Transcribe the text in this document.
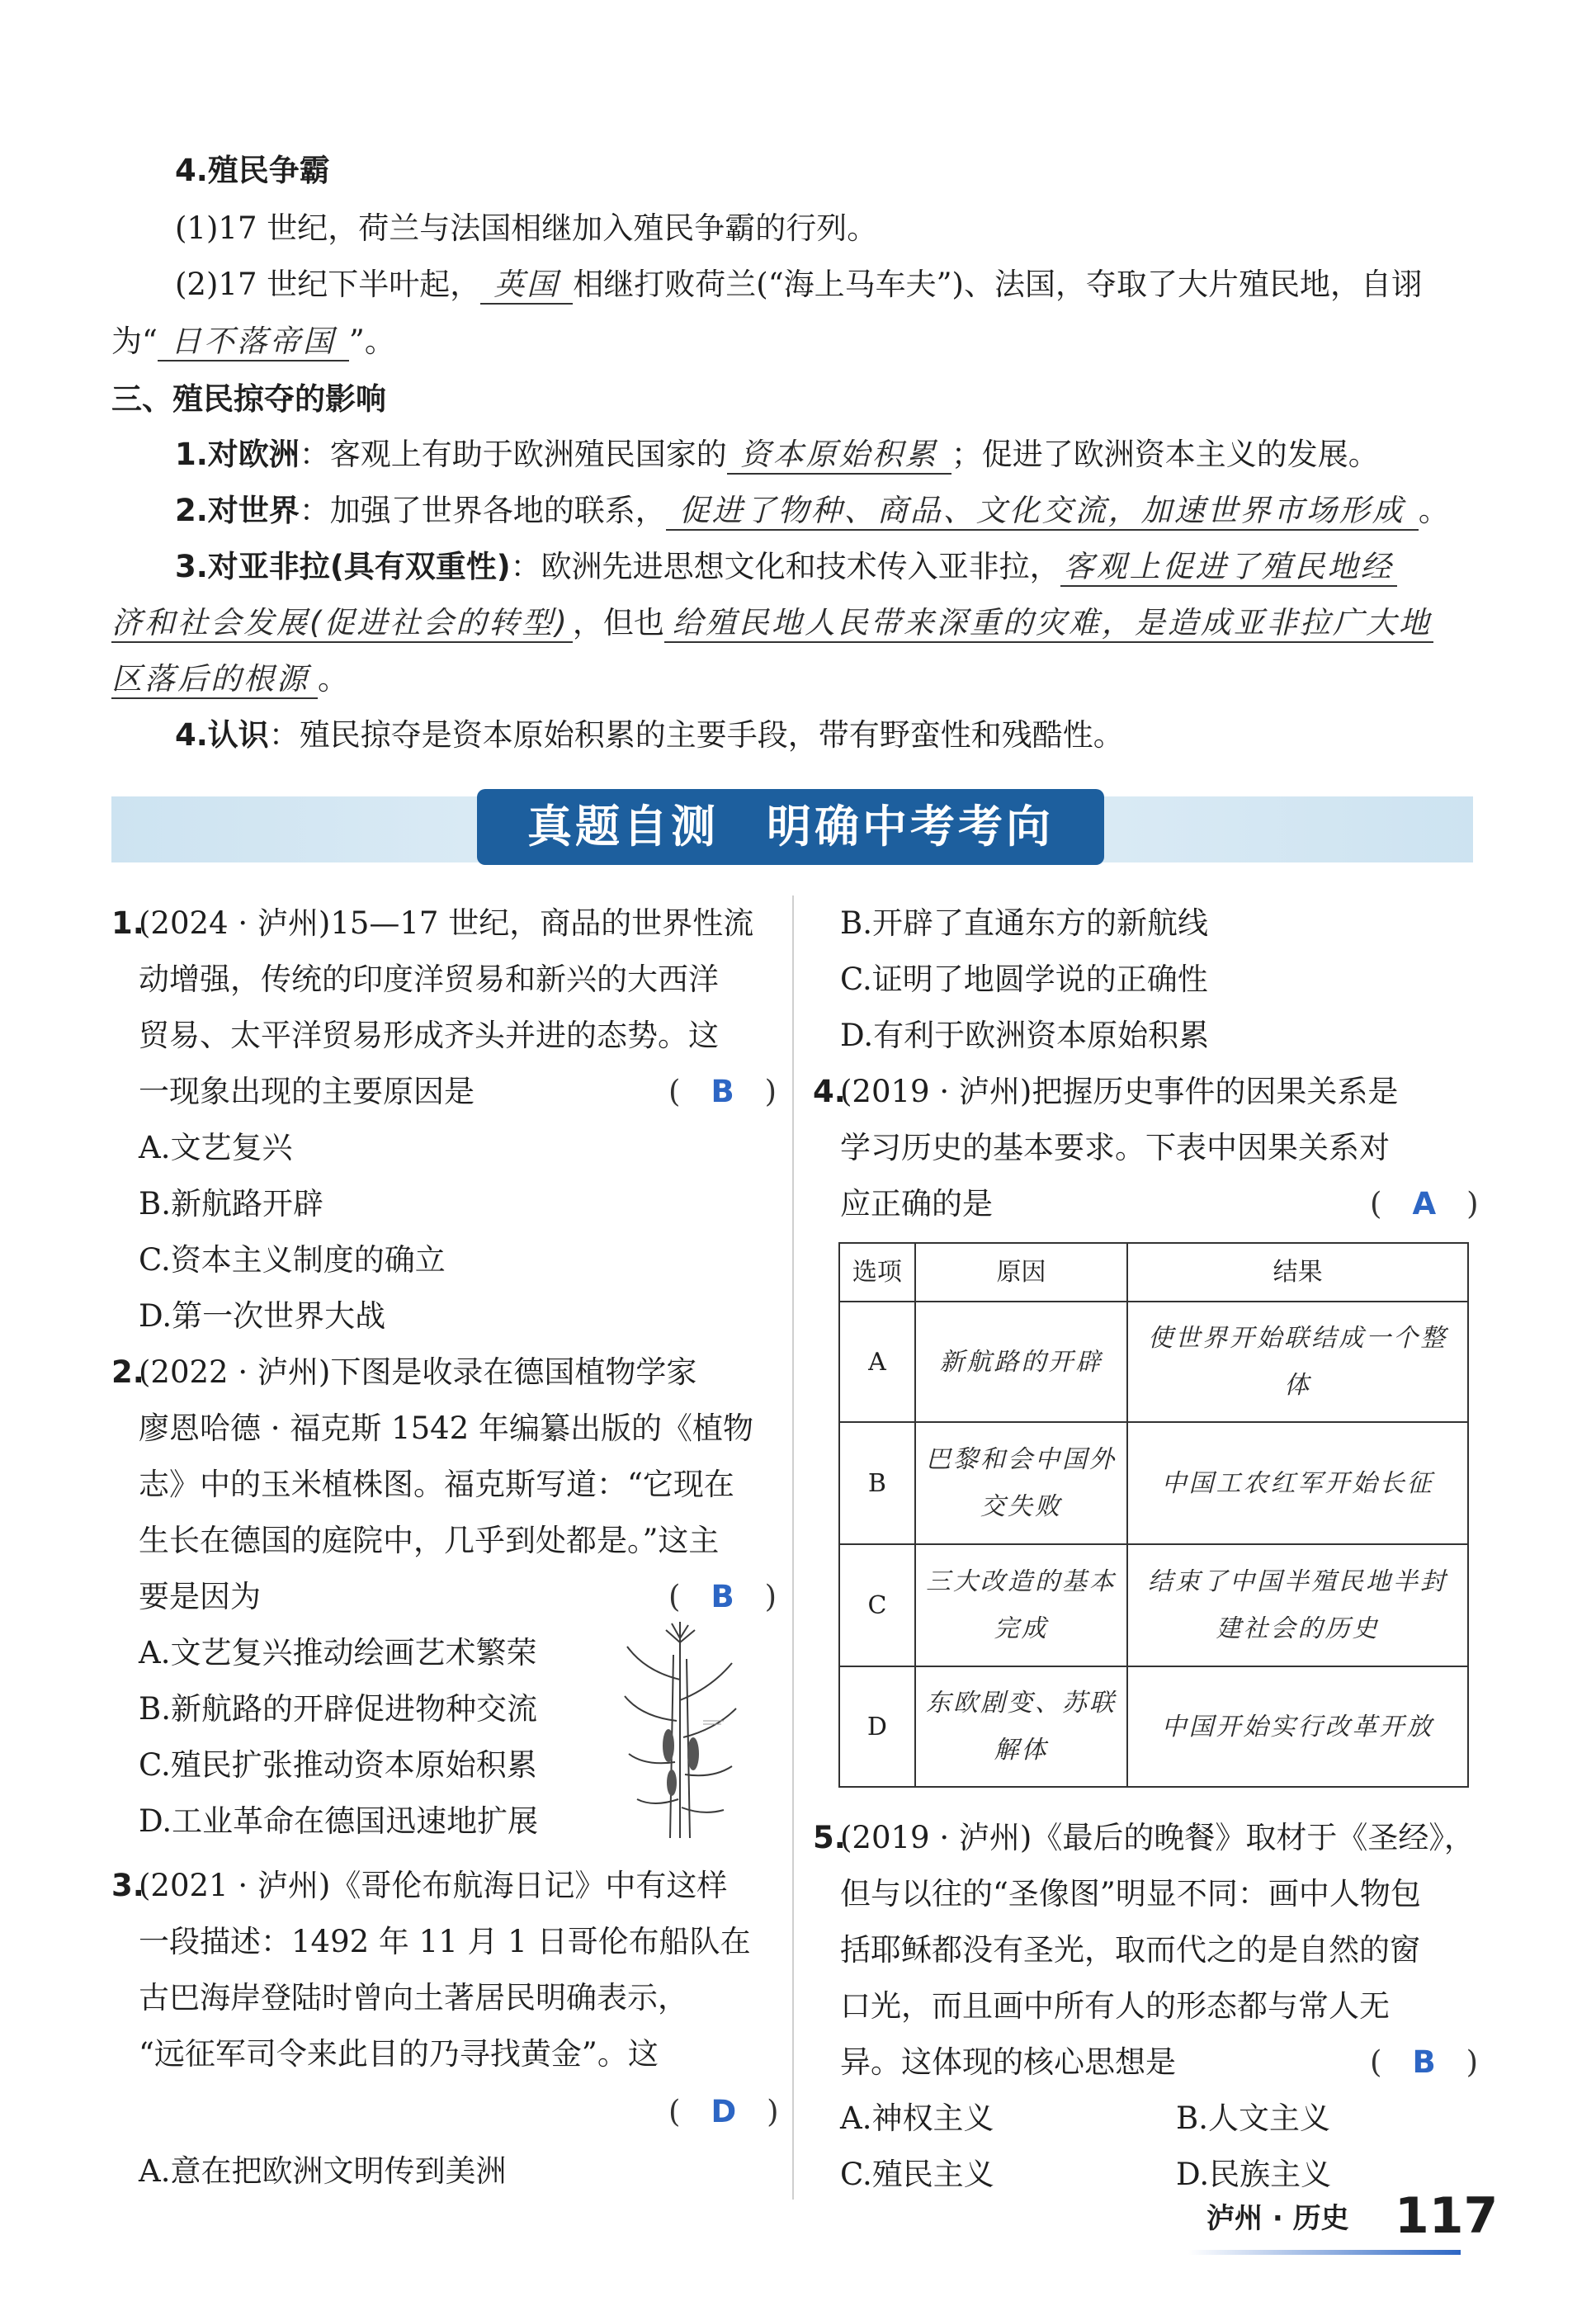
4.殖民争霸
(1)17 世纪，荷兰与法国相继加入殖民争霸的行列。
(2)17 世纪下半叶起， 英国 相继打败荷兰(“海上马车夫”)、法国，夺取了大片殖民地，自诩
为“ 日不落帝国 ”。
三、殖民掠夺的影响
1.对欧洲：客观上有助于欧洲殖民国家的 资本原始积累 ；促进了欧洲资本主义的发展。
2.对世界：加强了世界各地的联系， 促进了物种、商品、文化交流，加速世界市场形成 。
3.对亚非拉(具有双重性)：欧洲先进思想文化和技术传入亚非拉， 客观上促进了殖民地经
济和社会发展(促进社会的转型) ，但也 给殖民地人民带来深重的灾难，是造成亚非拉广大地
区落后的根源 。
4.认识：殖民掠夺是资本原始积累的主要手段，带有野蛮性和残酷性。
真题自测　明确中考考向
1.
(2024 · 泸州)15—17 世纪，商品的世界性流
动增强，传统的印度洋贸易和新兴的大西洋
贸易、太平洋贸易形成齐头并进的态势。这
一现象出现的主要原因是	(　B　)
A.文艺复兴
B.新航路开辟
C.资本主义制度的确立
D.第一次世界大战
2.
(2022 · 泸州)下图是收录在德国植物学家
廖恩哈德 · 福克斯 1542 年编纂出版的《植物
志》中的玉米植株图。福克斯写道：“它现在
生长在德国的庭院中，几乎到处都是。”这主
要是因为	(　B　)
A.文艺复兴推动绘画艺术繁荣
B.新航路的开辟促进物种交流
C.殖民扩张推动资本原始积累
D.工业革命在德国迅速地扩展
3.
(2021 · 泸州)《哥伦布航海日记》中有这样
一段描述：1492 年 11 月 1 日哥伦布船队在
古巴海岸登陆时曾向土著居民明确表示，
“远征军司令来此目的乃寻找黄金”。这
(　D　)
A.意在把欧洲文明传到美洲
B.开辟了直通东方的新航线
C.证明了地圆学说的正确性
D.有利于欧洲资本原始积累
4.
(2019 · 泸州)把握历史事件的因果关系是
学习历史的基本要求。下表中因果关系对
应正确的是	(　A　)
选项	原因	结果
A	新航路的开辟	使世界开始联结成一个整体
B	巴黎和会中国外交失败	中国工农红军开始长征
C	三大改造的基本完成	结束了中国半殖民地半封建社会的历史
D	东欧剧变、苏联解体	中国开始实行改革开放
5.
(2019 · 泸州)《最后的晚餐》取材于《圣经》，
但与以往的“圣像图”明显不同：画中人物包
括耶稣都没有圣光，取而代之的是自然的窗
口光，而且画中所有人的形态都与常人无
异。这体现的核心思想是	(　B　)
A.神权主义	B.人文主义
C.殖民主义	D.民族主义
泸州 · 历史 117
